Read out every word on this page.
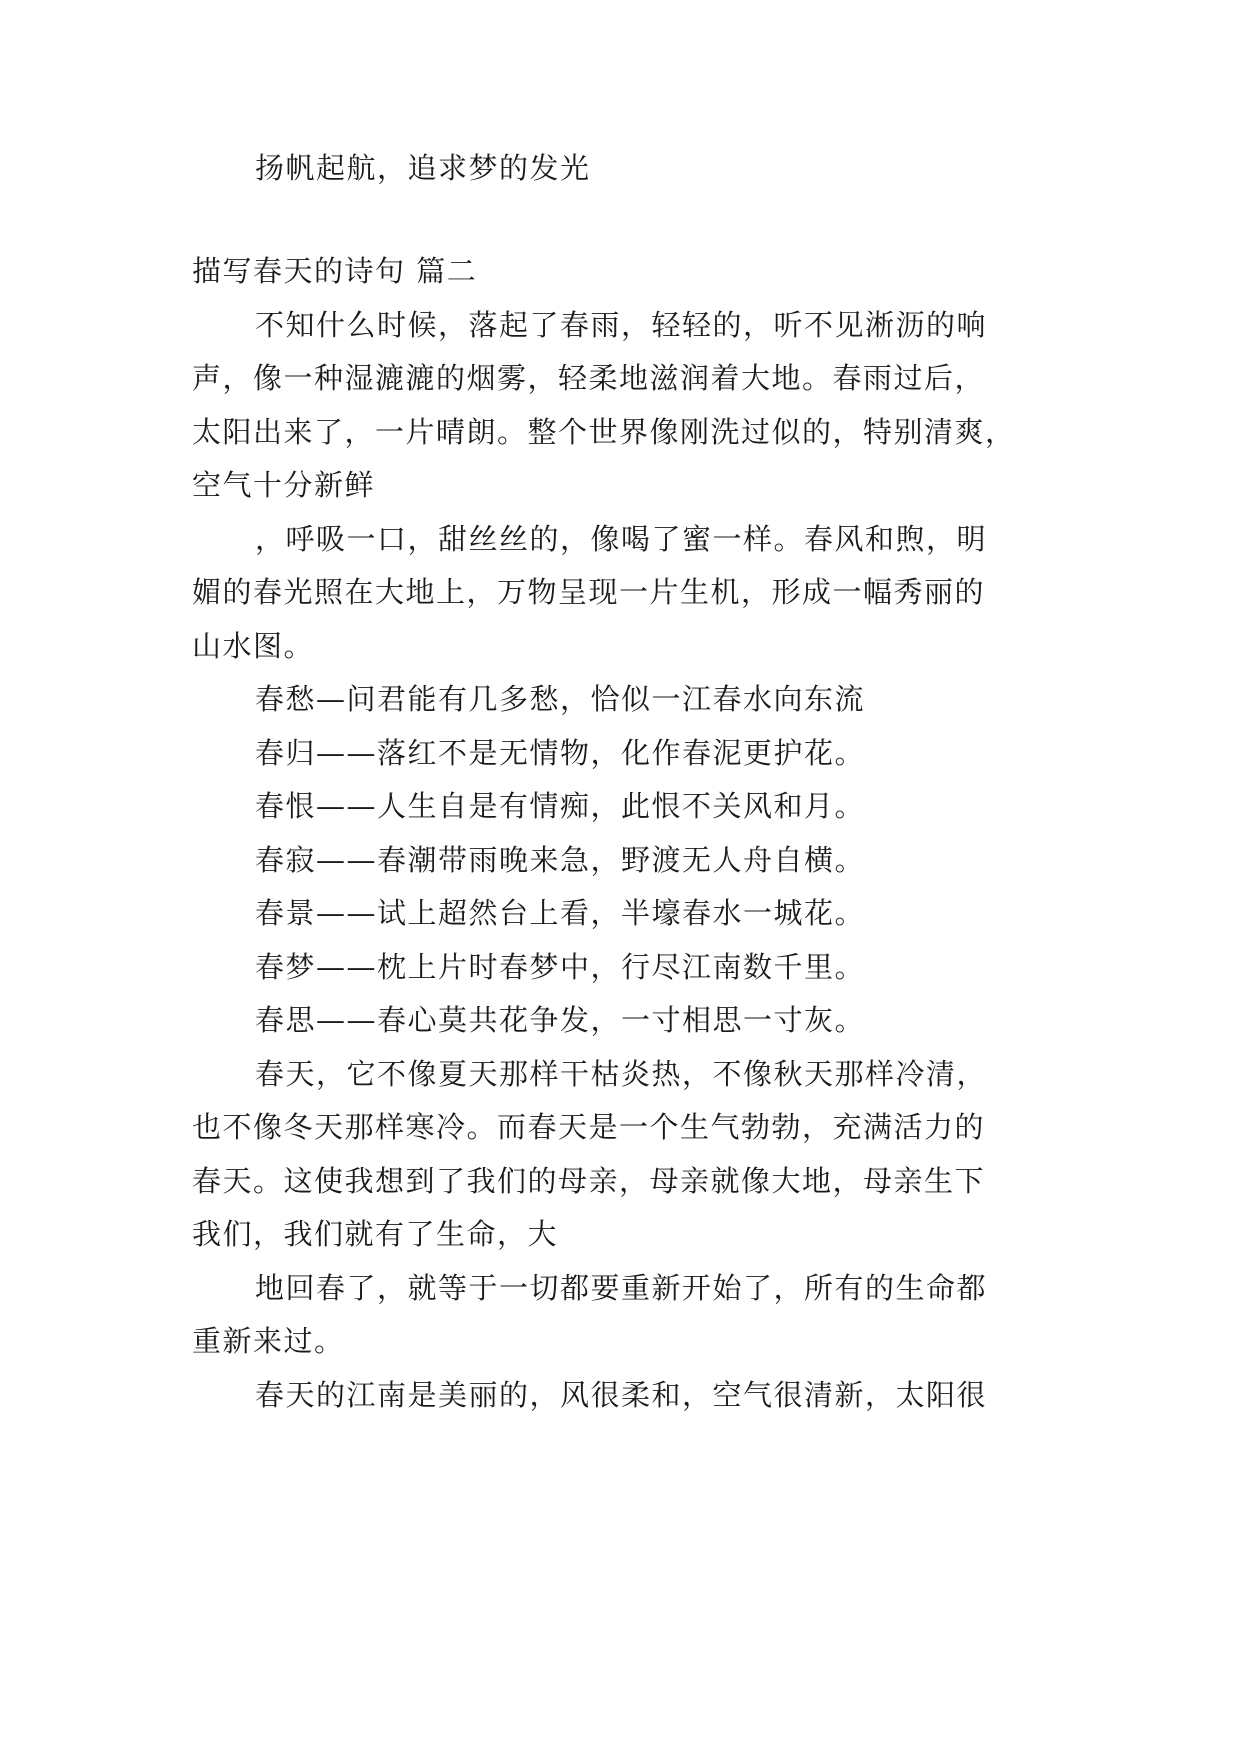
扬帆起航，追求梦的发光
描写春天的诗句 篇二
不知什么时候，落起了春雨，轻轻的，听不见淅沥的响
声，像一种湿漉漉的烟雾，轻柔地滋润着大地。春雨过后，
太阳出来了，一片晴朗。整个世界像刚洗过似的，特别清爽，
空气十分新鲜
，呼吸一口，甜丝丝的，像喝了蜜一样。春风和煦，明
媚的春光照在大地上，万物呈现一片生机，形成一幅秀丽的
山水图。
春愁—问君能有几多愁，恰似一江春水向东流
春归——落红不是无情物，化作春泥更护花。
春恨——人生自是有情痴，此恨不关风和月。
春寂——春潮带雨晚来急，野渡无人舟自横。
春景——试上超然台上看，半壕春水一城花。
春梦——枕上片时春梦中，行尽江南数千里。
春思——春心莫共花争发，一寸相思一寸灰。
春天，它不像夏天那样干枯炎热，不像秋天那样冷清，
也不像冬天那样寒冷。而春天是一个生气勃勃，充满活力的
春天。这使我想到了我们的母亲，母亲就像大地，母亲生下
我们，我们就有了生命，大
地回春了，就等于一切都要重新开始了，所有的生命都
重新来过。
春天的江南是美丽的，风很柔和，空气很清新，太阳很
